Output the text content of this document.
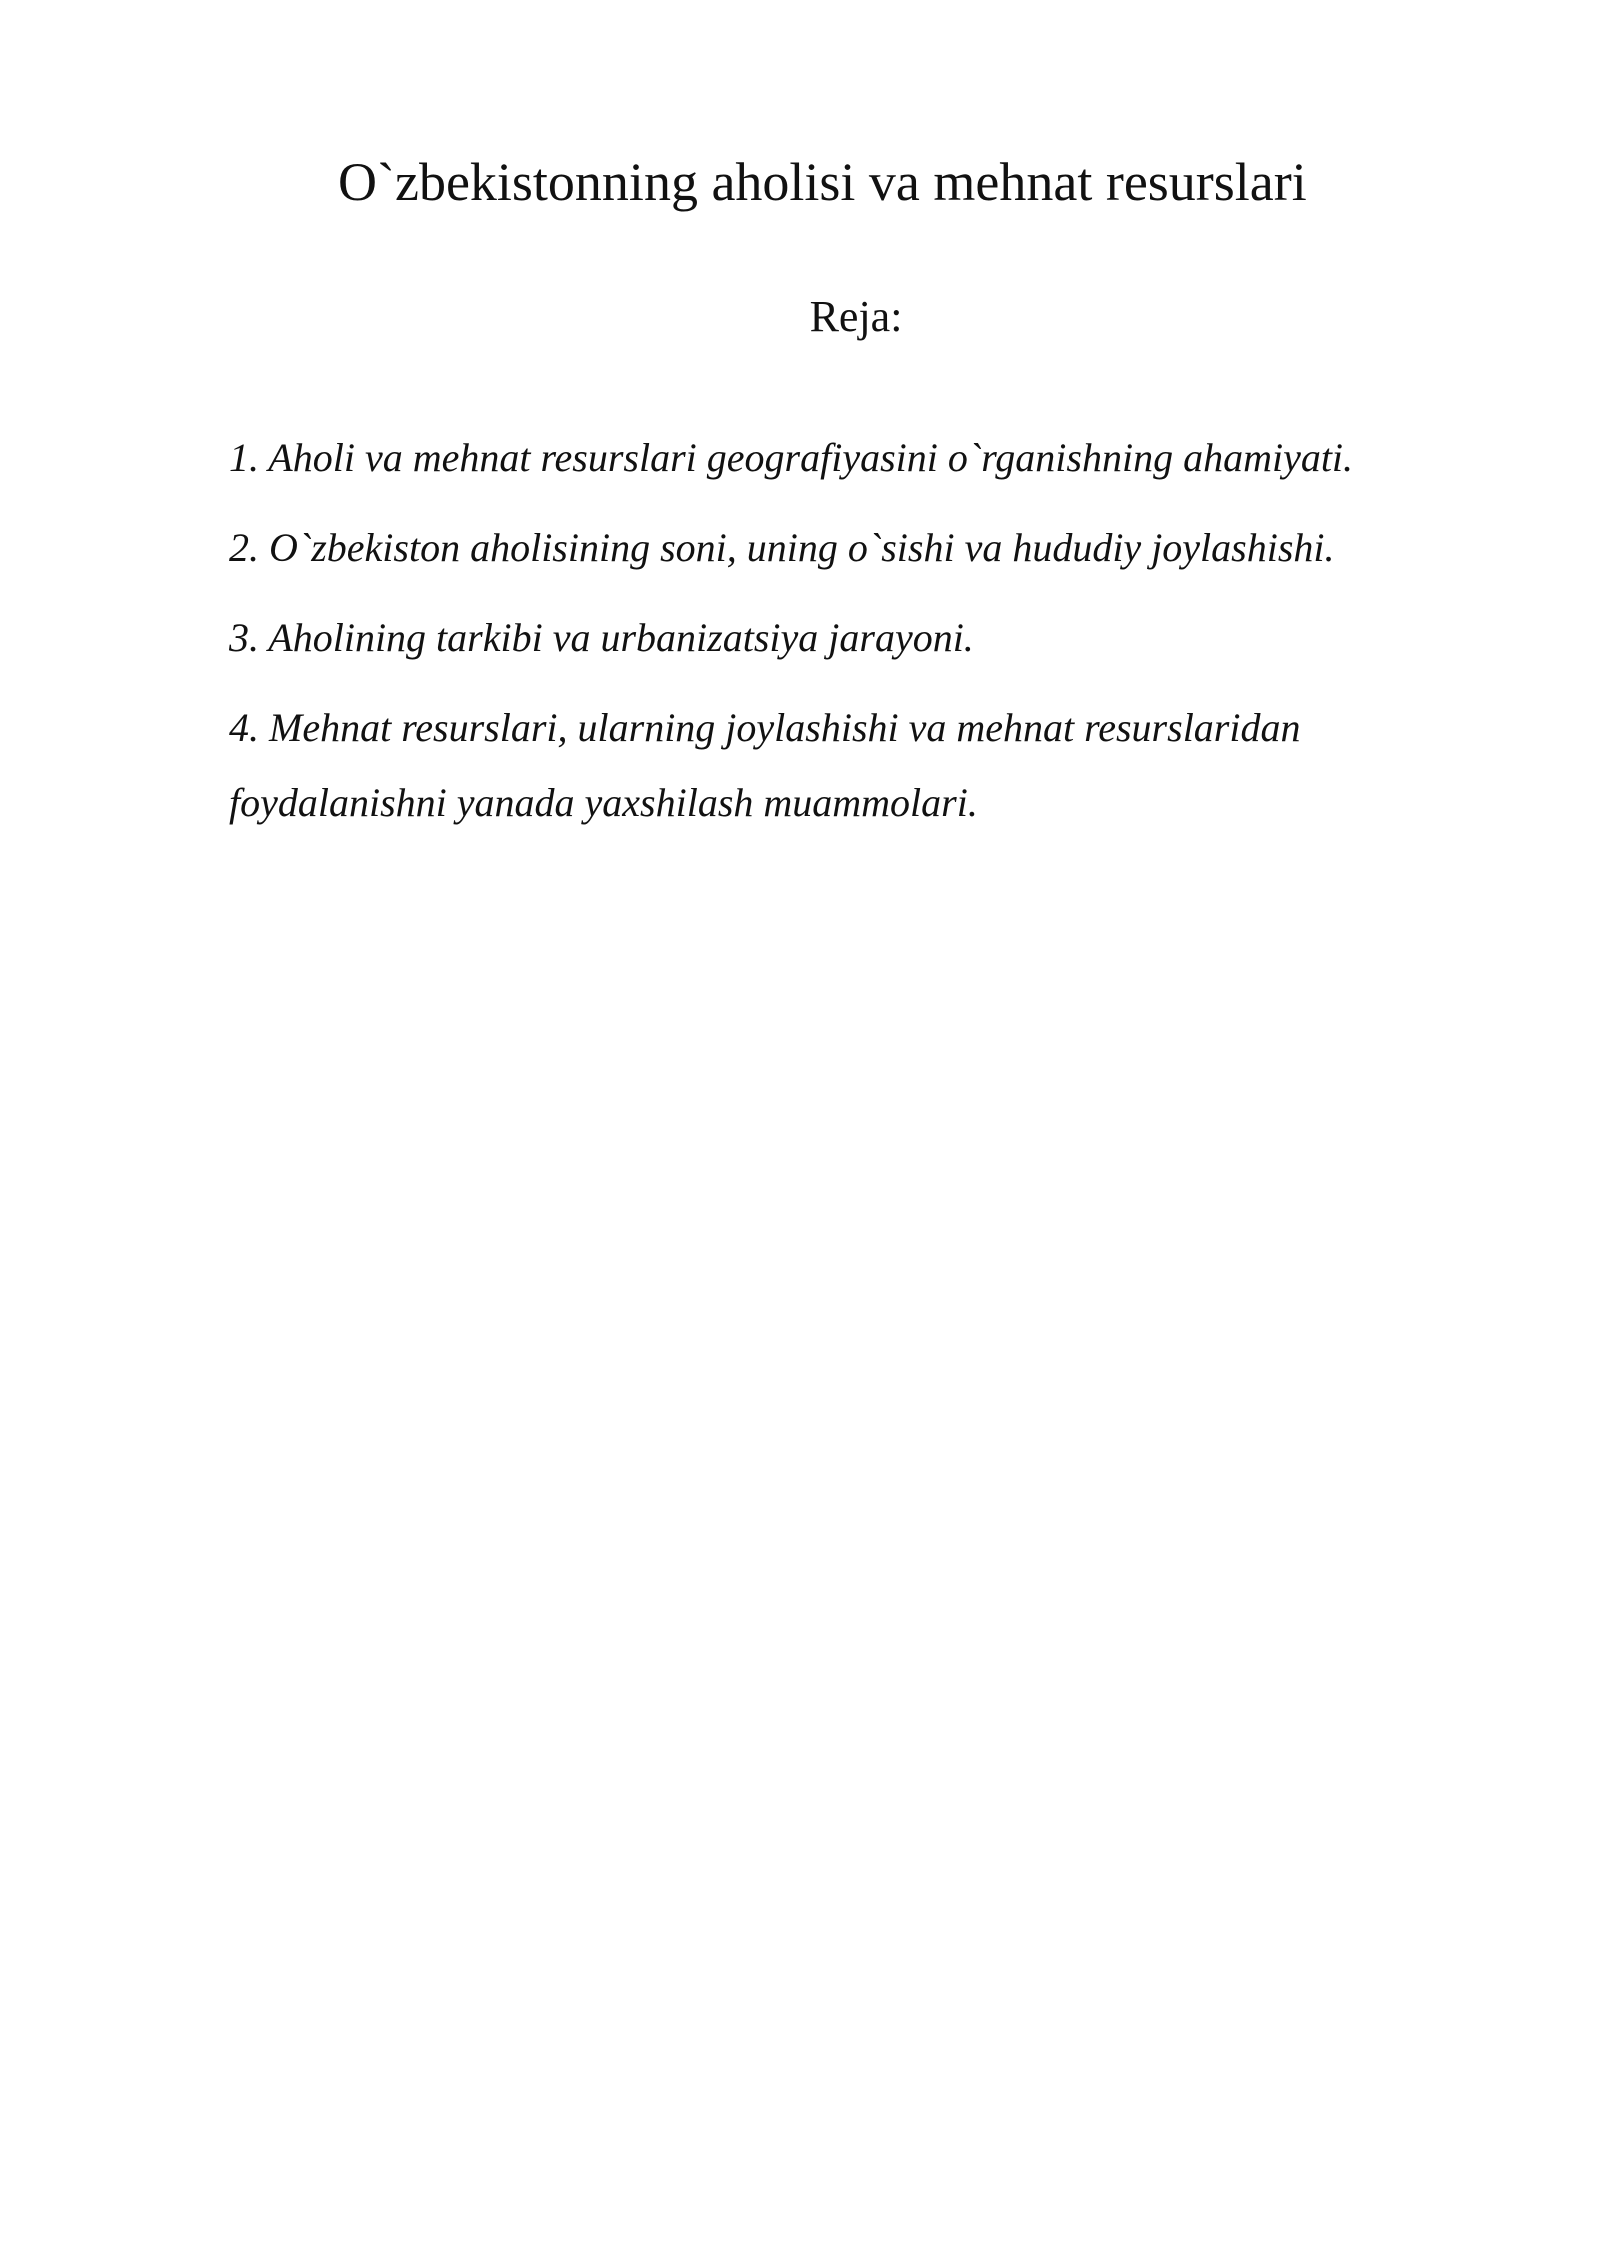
O`zbekistonning aholisi va mehnat resurslari
Reja:
1. Aholi va mehnat resurslari geografiyasini o`rganishning ahamiyati.
2. O`zbekiston aholisining soni, uning o`sishi va hududiy joylashishi.
3. Aholining tarkibi va urbanizatsiya jarayoni.
4. Mehnat resurslari, ularning joylashishi va mehnat resurslaridan foydalanishni yanada yaxshilash muammolari.
